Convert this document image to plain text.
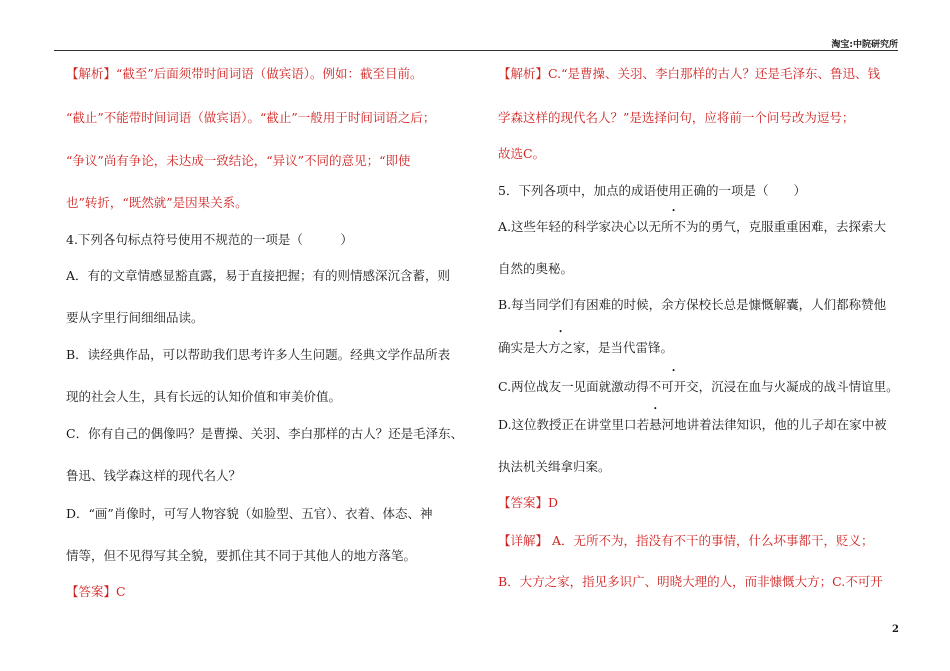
淘宝:中院研究所
【解析】“截至”后面须带时间词语（做宾语）。例如：截至目前。
“截止”不能带时间词语（做宾语）。“截止”一般用于时间词语之后；
“争议”尚有争论，未达成一致结论，“异议”不同的意见；“即使
也”转折，“既然就”是因果关系。
4.下列各句标点符号使用不规范的一项是（　　　）
A．有的文章情感显豁直露，易于直接把握；有的则情感深沉含蓄，则
要从字里行间细细品读。
B．读经典作品，可以帮助我们思考许多人生问题。经典文学作品所表
现的社会人生，具有长远的认知价值和审美价值。
C．你有自己的偶像吗？是曹操、关羽、李白那样的古人？还是毛泽东、
鲁迅、钱学森这样的现代名人？
D．“画”肖像时，可写人物容貌（如脸型、五官）、衣着、体态、神
情等，但不见得写其全貌，要抓住其不同于其他人的地方落笔。
【答案】C
【解析】C.“是曹操、关羽、李白那样的古人？还是毛泽东、鲁迅、钱
学森这样的现代名人？”是选择问句，应将前一个问号改为逗号；
故选C。
5．下列各项中，加点的成语使用正确的一项是（　　）
A.这些年轻的科学家决心以无所不为的勇气，克服重重困难，去探索大
自然的奥秘。
B.每当同学们有困难的时候，余方保校长总是慷慨解囊，人们都称赞他
确实是大方之家，是当代雷锋。
C.两位战友一见面就激动得不可开交，沉浸在血与火凝成的战斗情谊里。
D.这位教授正在讲堂里口若悬河地讲着法律知识，他的儿子却在家中被
执法机关缉拿归案。
【答案】D
【详解】 A．无所不为，指没有不干的事情，什么坏事都干，贬义；
B．大方之家，指见多识广、明晓大理的人，而非慷慨大方；C.不可开
2
